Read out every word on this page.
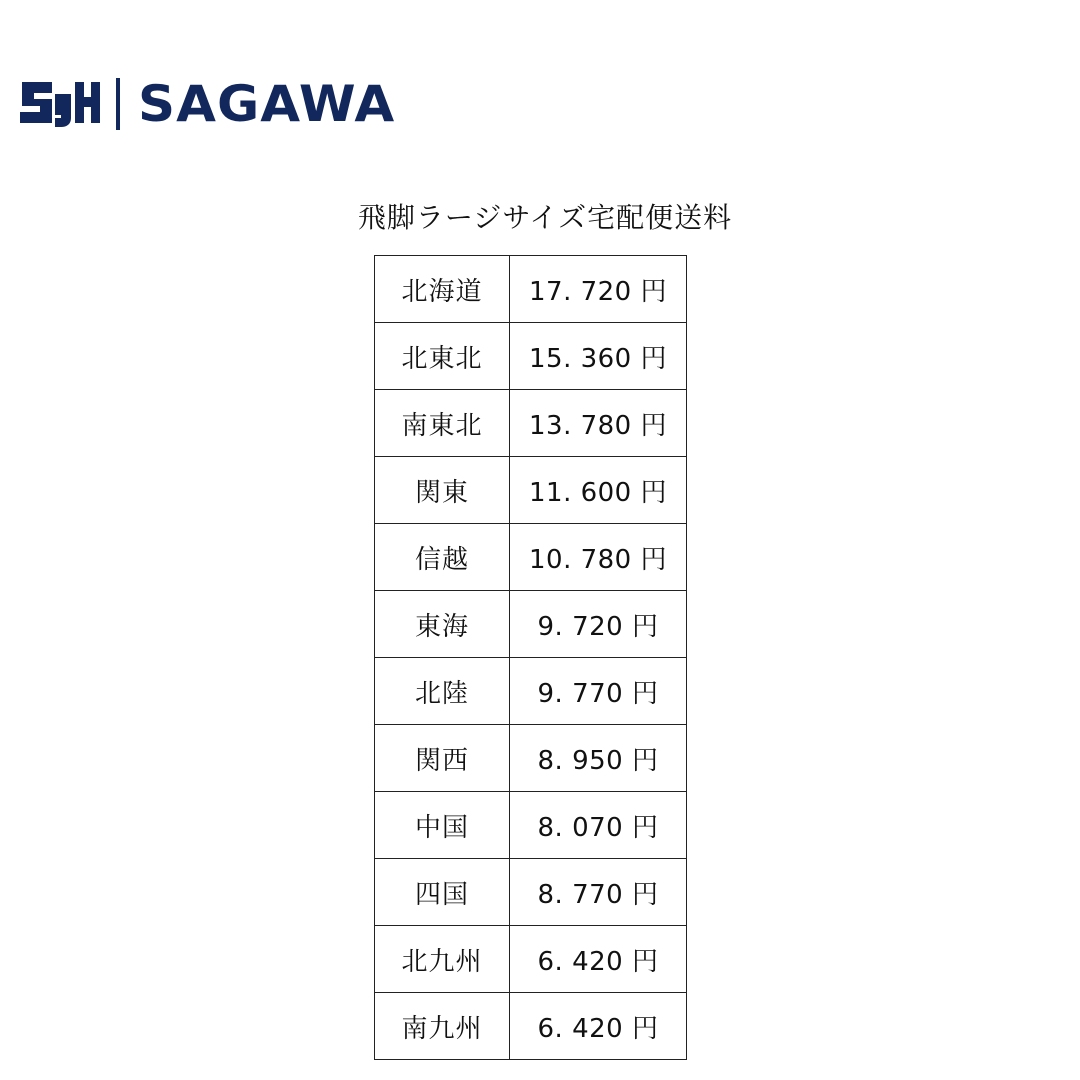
SAGAWA
飛脚ラージサイズ宅配便送料
北海道	17. 720 円
北東北	15. 360 円
南東北	13. 780 円
関東	11. 600 円
信越	10. 780 円
東海	9. 720 円
北陸	9. 770 円
関西	8. 950 円
中国	8. 070 円
四国	8. 770 円
北九州	6. 420 円
南九州	6. 420 円
